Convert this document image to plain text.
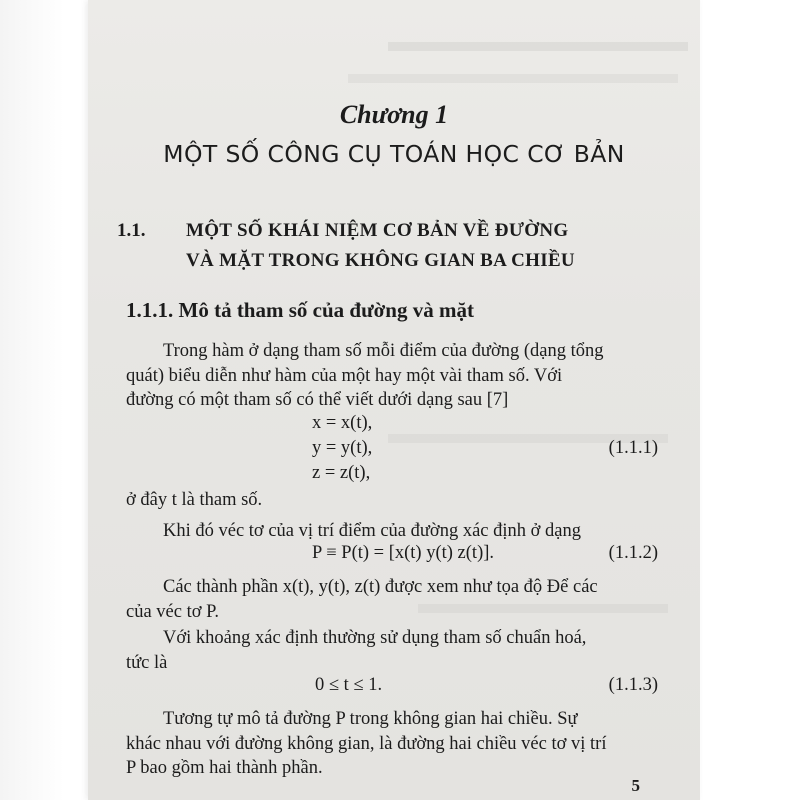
Chương 1
MỘT SỐ CÔNG CỤ TOÁN HỌC CƠ BẢN
1.1. MỘT SỐ KHÁI NIỆM CƠ BẢN VỀ ĐƯỜNG
VÀ MẶT TRONG KHÔNG GIAN BA CHIỀU
1.1.1. Mô tả tham số của đường và mặt
Trong hàm ở dạng tham số mỗi điểm của đường (dạng tổng
quát) biểu diễn như hàm của một hay một vài tham số. Với
đường có một tham số có thể viết dưới dạng sau [7]
x = x(t),
y = y(t),	(1.1.1)
z = z(t),
ở đây t là tham số.
Khi đó véc tơ của vị trí điểm của đường xác định ở dạng
P ≡ P(t) = [x(t) y(t) z(t)].	(1.1.2)
Các thành phần x(t), y(t), z(t) được xem như tọa độ Để các
của véc tơ P.
Với khoảng xác định thường sử dụng tham số chuẩn hoá,
tức là
0 ≤ t ≤ 1.	(1.1.3)
Tương tự mô tả đường P trong không gian hai chiều. Sự
khác nhau với đường không gian, là đường hai chiều véc tơ vị trí
P bao gồm hai thành phần.
5
